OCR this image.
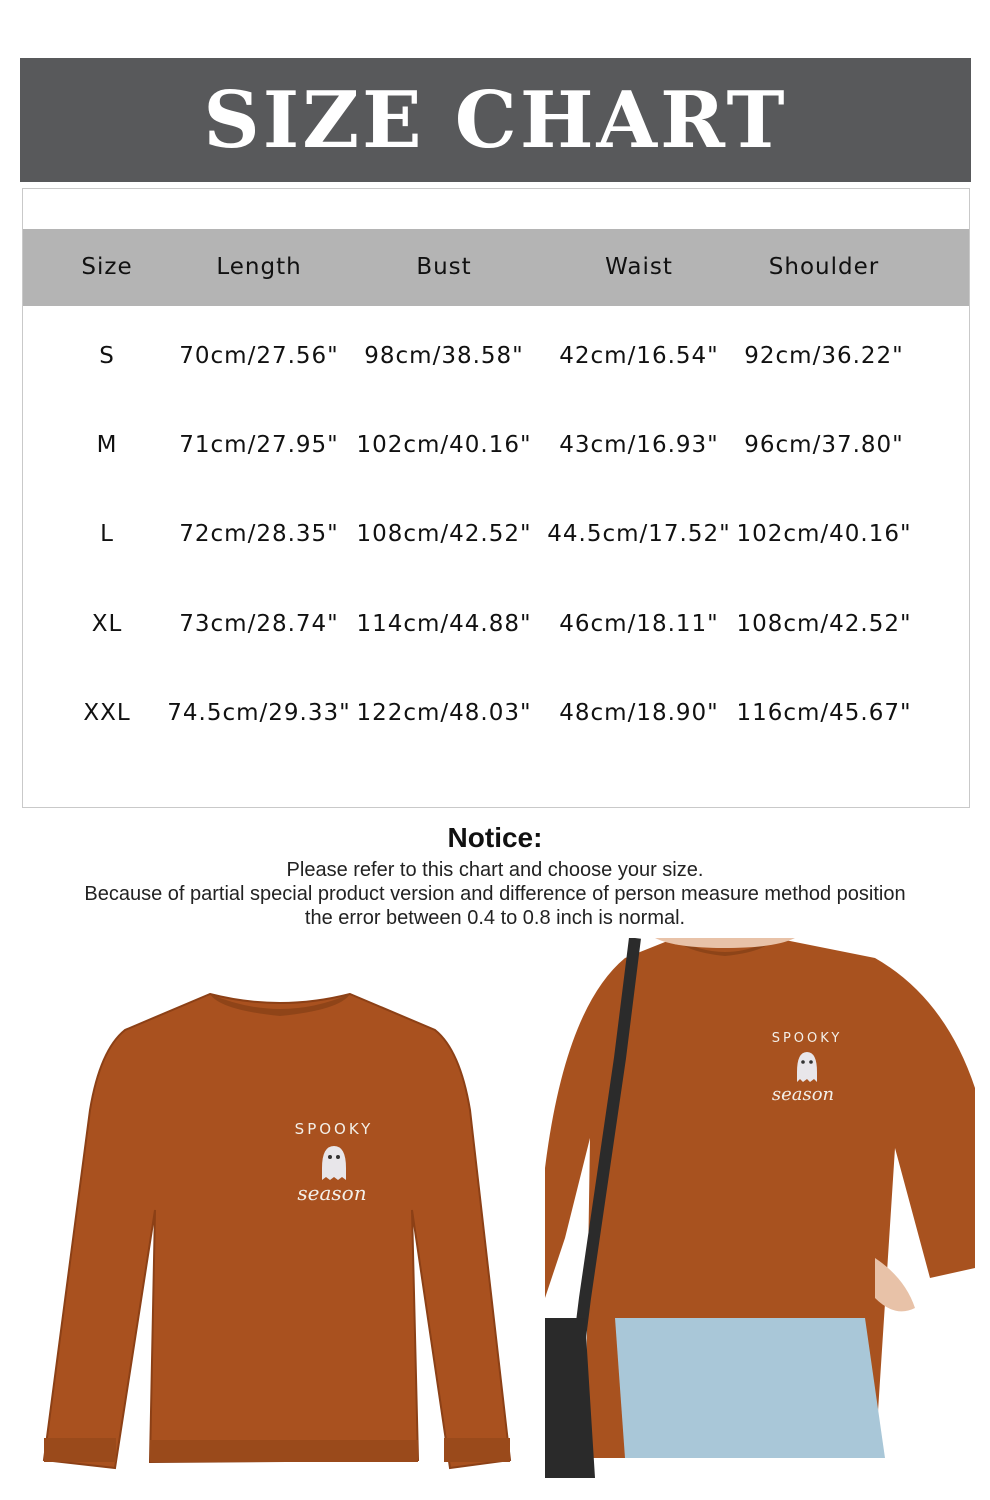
SIZE CHART
Size	Length	Bust	Waist	Shoulder
S	70cm/27.56" 98cm/38.58" 42cm/16.54" 92cm/36.22"
M	71cm/27.95" 102cm/40.16" 43cm/16.93" 96cm/37.80"
L	72cm/28.35" 108cm/42.52" 44.5cm/17.52" 102cm/40.16"
XL 73cm/28.74" 114cm/44.88" 46cm/18.11" 108cm/42.52"
XXL 74.5cm/29.33" 122cm/48.03" 48cm/18.90" 116cm/45.67"
Notice:

Please refer to this chart and choose your size.

Because of partial special product version and difference of person measure method position

the error between 0.4 to 0.8 inch is normal.

SPOOKY
season
SPOOKY
season
